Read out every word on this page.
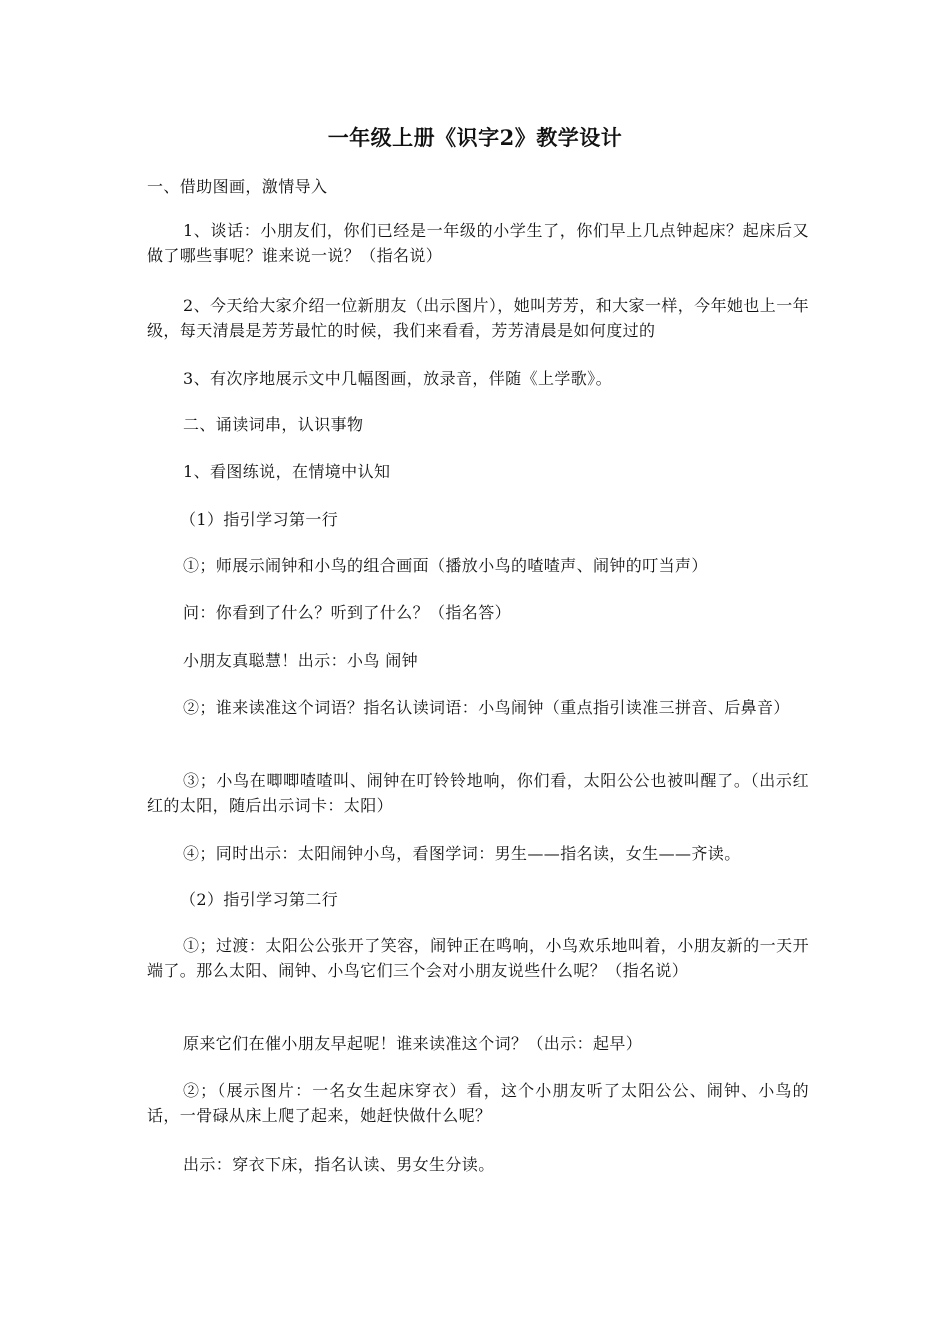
一年级上册《识字2》教学设计

一、借助图画，激情导入

1、谈话：小朋友们，你们已经是一年级的小学生了，你们早上几点钟起床？起床后又做了哪些事呢？谁来说一说？（指名说）

2、今天给大家介绍一位新朋友（出示图片），她叫芳芳，和大家一样，今年她也上一年级，每天清晨是芳芳最忙的时候，我们来看看，芳芳清晨是如何度过的

3、有次序地展示文中几幅图画，放录音，伴随《上学歌》。

二、诵读词串，认识事物

1、看图练说，在情境中认知

（1）指引学习第一行

①；师展示闹钟和小鸟的组合画面（播放小鸟的喳喳声、闹钟的叮当声）

问：你看到了什么？听到了什么？（指名答）

小朋友真聪慧！出示：小鸟 闹钟

②；谁来读准这个词语？指名认读词语：小鸟闹钟（重点指引读准三拼音、后鼻音）

③；小鸟在唧唧喳喳叫、闹钟在叮铃铃地响，你们看，太阳公公也被叫醒了。（出示红红的太阳，随后出示词卡：太阳）

④；同时出示：太阳闹钟小鸟，看图学词：男生——指名读，女生——齐读。

（2）指引学习第二行

①；过渡：太阳公公张开了笑容，闹钟正在鸣响，小鸟欢乐地叫着，小朋友新的一天开端了。那么太阳、闹钟、小鸟它们三个会对小朋友说些什么呢？（指名说）

原来它们在催小朋友早起呢！谁来读准这个词？（出示：起早）

②；（展示图片：一名女生起床穿衣）看，这个小朋友听了太阳公公、闹钟、小鸟的话，一骨碌从床上爬了起来，她赶快做什么呢？

出示：穿衣下床，指名认读、男女生分读。
